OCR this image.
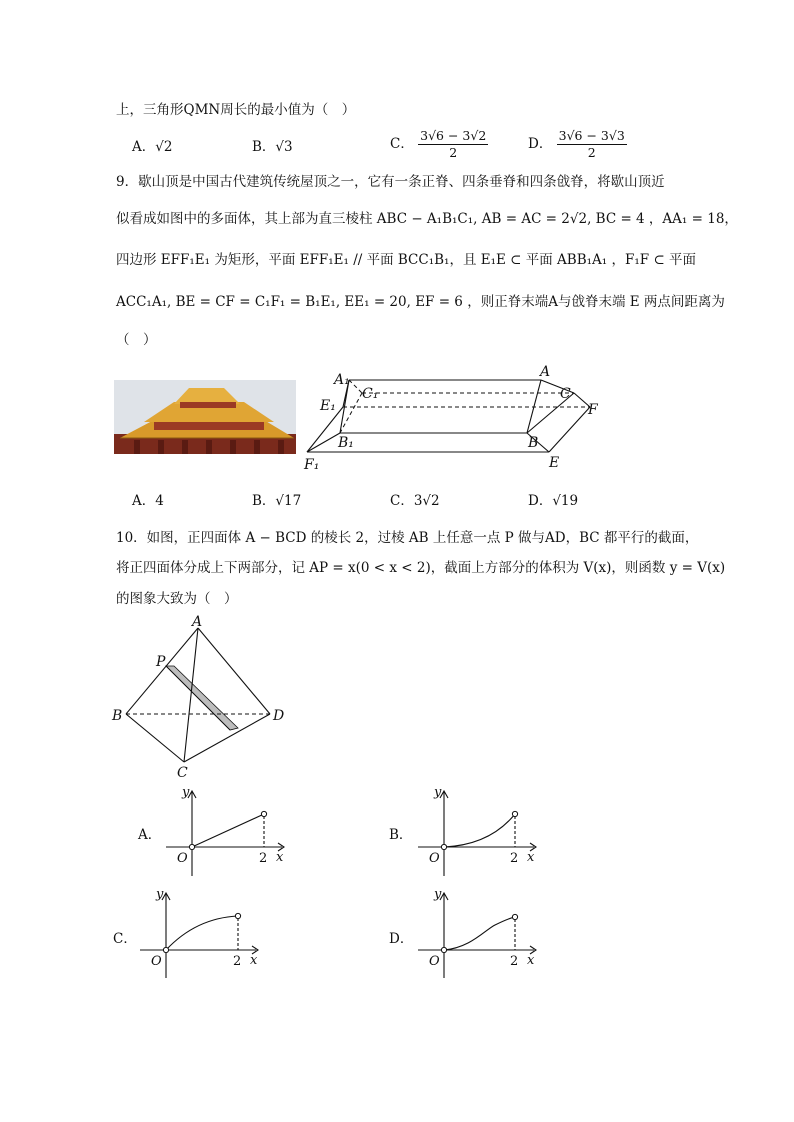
上，三角形QMN周长的最小值为（　）
A．√2	B．√3	C． $\frac{3√6 - 3√2}{2}$	D． $\frac{3√6 - 3√3}{2}$
9．歇山顶是中国古代建筑传统屋顶之一，它有一条正脊、四条垂脊和四条戗脊，将歇山顶近
似看成如图中的多面体，其上部为直三棱柱 ABC − A₁B₁C₁, AB = AC = 2√2, BC = 4 ，AA₁ = 18，
四边形 EFF₁E₁ 为矩形，平面 EFF₁E₁ // 平面 BCC₁B₁，且 E₁E ⊂ 平面 ABB₁A₁ ，F₁F ⊂ 平面
ACC₁A₁, BE = CF = C₁F₁ = B₁E₁, EE₁ = 20, EF = 6 ，则正脊末端A与戗脊末端 E 两点间距离为
（　）
A₁
C₁
E₁
B₁
F₁
A
C
F
B
E
A．4	B．√17	C．3√2	D．√19
10．如图，正四面体 A − BCD 的棱长 2，过棱 AB 上任意一点 P 做与AD，BC 都平行的截面，
将正四面体分成上下两部分，记 AP = x(0 < x < 2)，截面上方部分的体积为 V(x)，则函数 y = V(x)
的图象大致为（　）
A
P
B	D
C
A．
y
x
O	2
B．
y
x
O	2
C．
y
x
O	2
D．
y
x
O	2
